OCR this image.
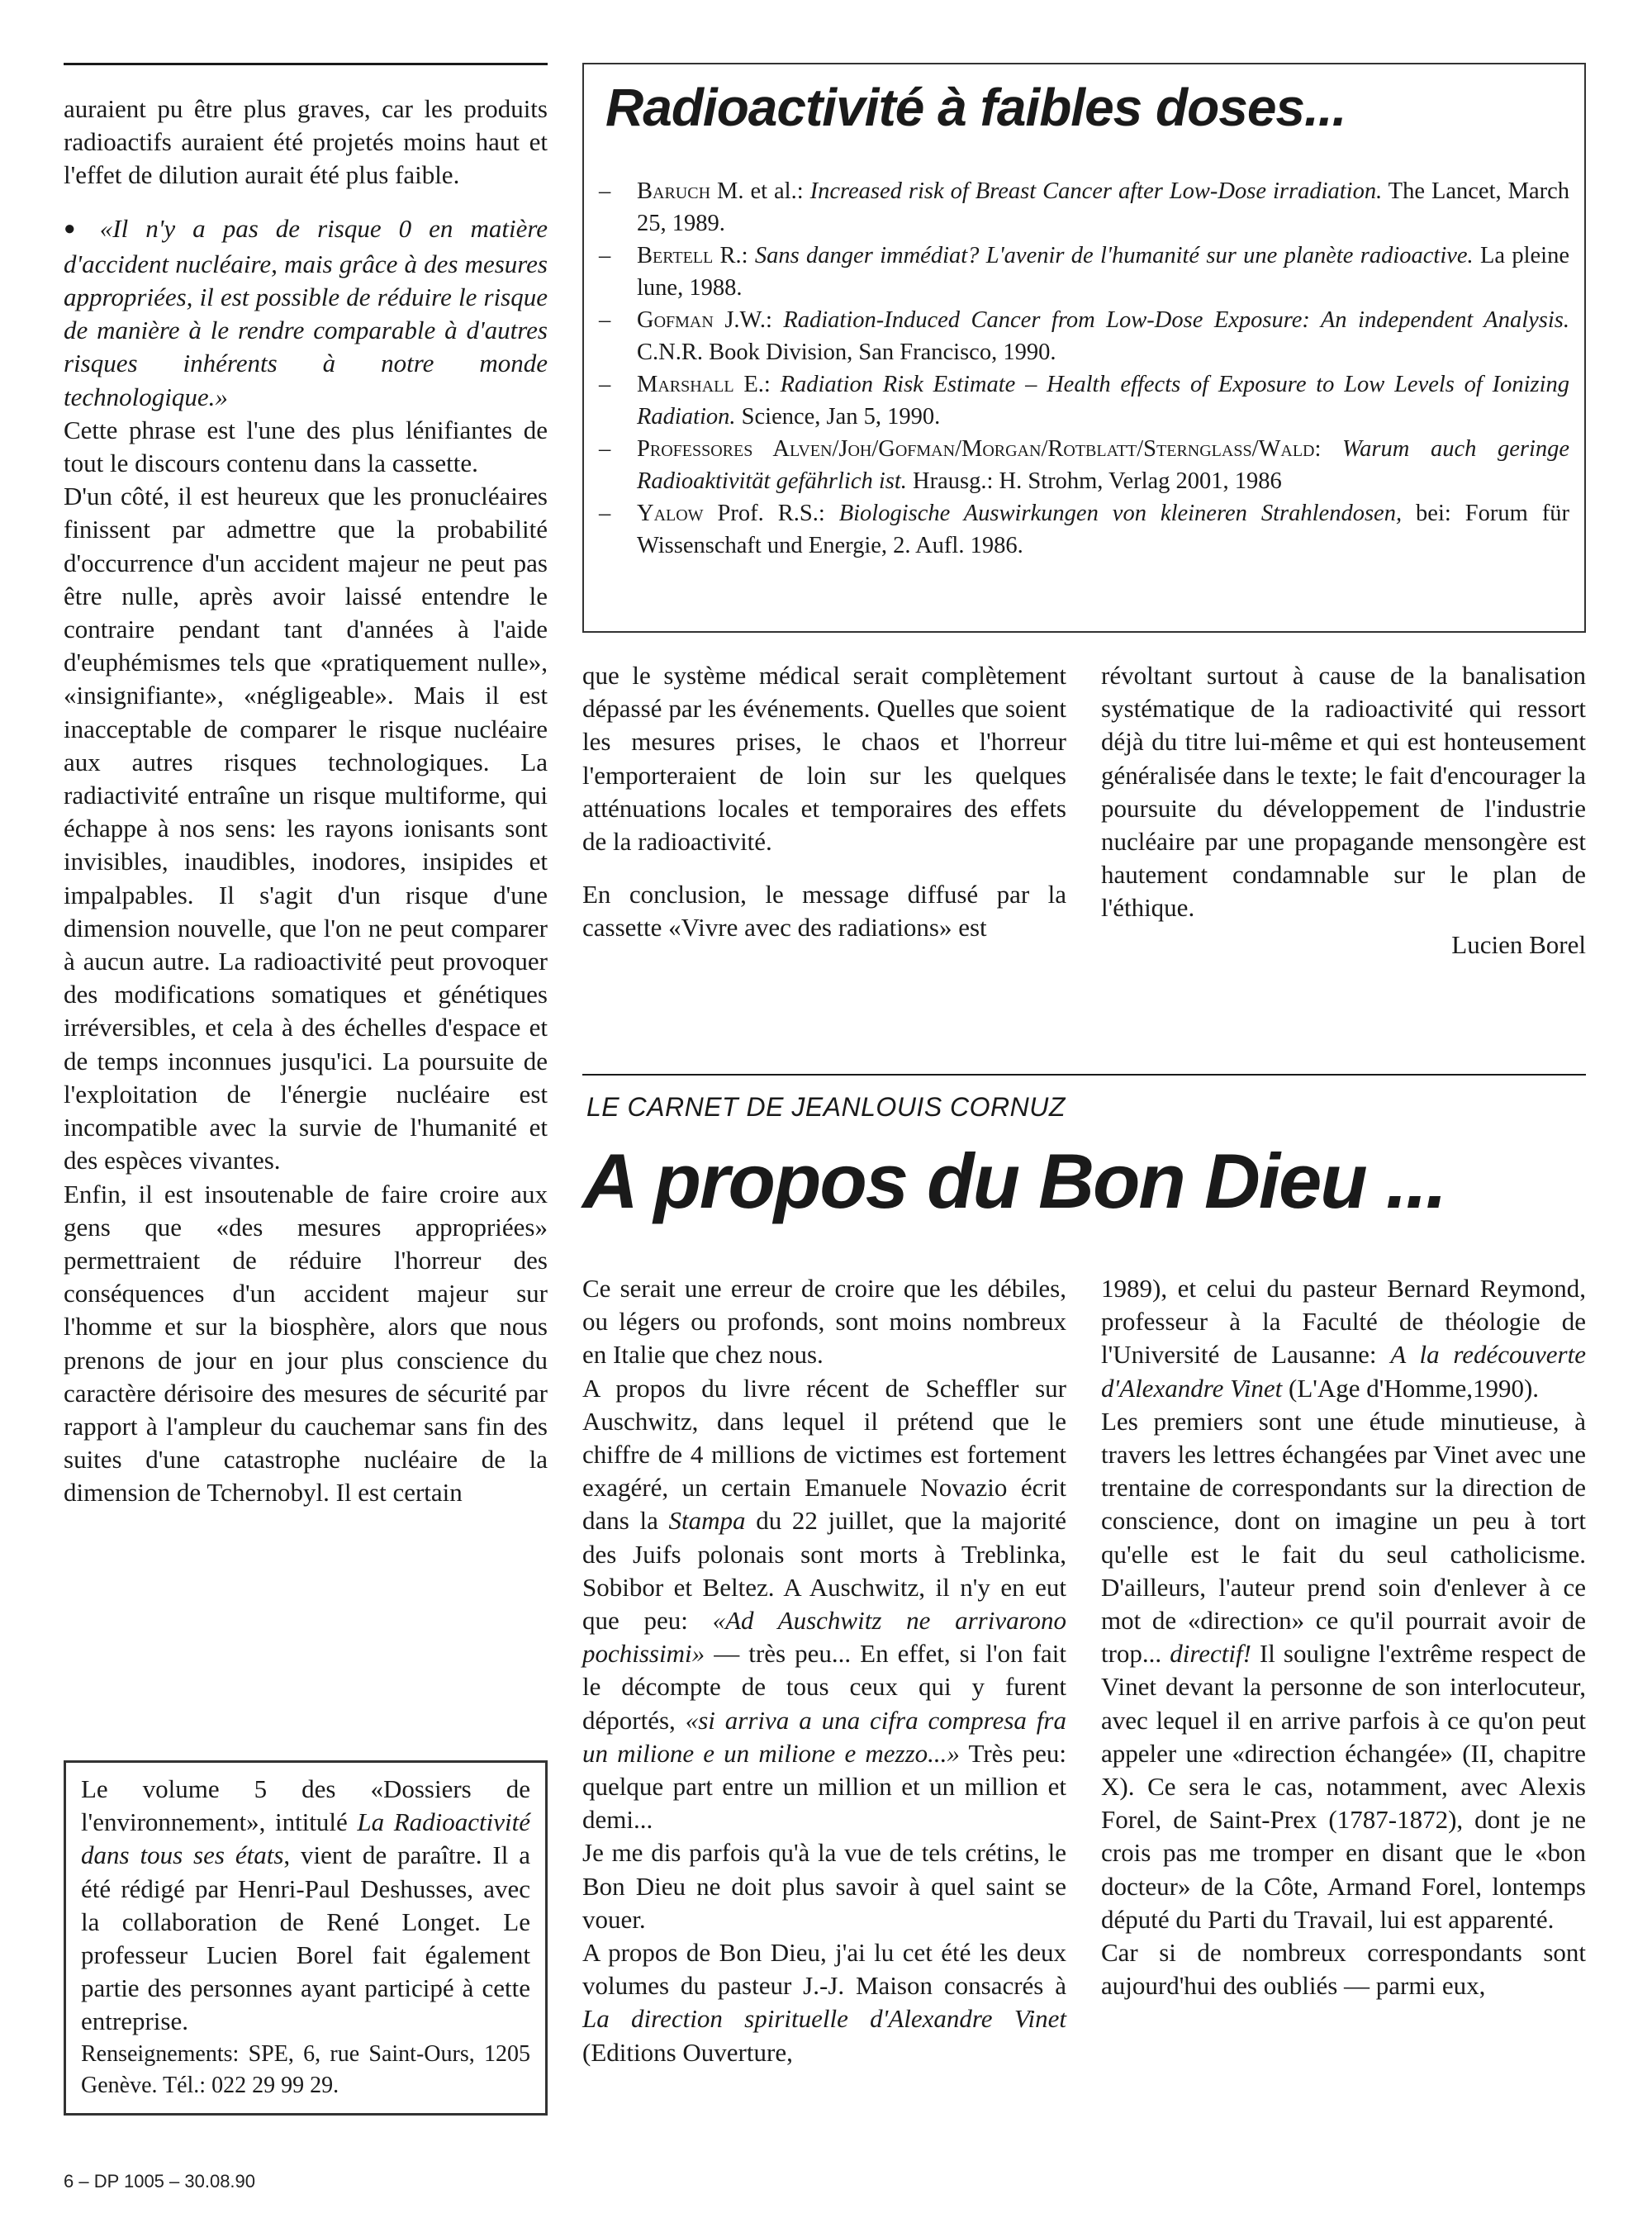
auraient pu être plus graves, car les produits radioactifs auraient été projetés moins haut et l'effet de dilution aurait été plus faible.

● «Il n'y a pas de risque 0 en matière d'accident nucléaire, mais grâce à des mesures appropriées, il est possible de réduire le risque de manière à le rendre comparable à d'autres risques inhérents à notre monde technologique.»

Cette phrase est l'une des plus lénifiantes de tout le discours contenu dans la cassette.

D'un côté, il est heureux que les pronucléaires finissent par admettre que la probabilité d'occurrence d'un accident majeur ne peut pas être nulle, après avoir laissé entendre le contraire pendant tant d'années à l'aide d'euphémismes tels que «pratiquement nulle», «insignifiante», «négligeable». Mais il est inacceptable de comparer le risque nucléaire aux autres risques technologiques. La radiactivité entraîne un risque multiforme, qui échappe à nos sens: les rayons ionisants sont invisibles, inaudibles, inodores, insipides et impalpables. Il s'agit d'un risque d'une dimension nouvelle, que l'on ne peut comparer à aucun autre. La radioactivité peut provoquer des modifications somatiques et génétiques irréversibles, et cela à des échelles d'espace et de temps inconnues jusqu'ici. La poursuite de l'exploitation de l'énergie nucléaire est incompatible avec la survie de l'humanité et des espèces vivantes.

Enfin, il est insoutenable de faire croire aux gens que «des mesures appropriées» permettraient de réduire l'horreur des conséquences d'un accident majeur sur l'homme et sur la biosphère, alors que nous prenons de jour en jour plus conscience du caractère dérisoire des mesures de sécurité par rapport à l'ampleur du cauchemar sans fin des suites d'une catastrophe nucléaire de la dimension de Tchernobyl. Il est certain

Le volume 5 des «Dossiers de l'environnement», intitulé La Radioactivité dans tous ses états, vient de paraître. Il a été rédigé par Henri-Paul Deshusses, avec la collaboration de René Longet. Le professeur Lucien Borel fait également partie des personnes ayant participé à cette entreprise.

Renseignements: SPE, 6, rue Saint-Ours, 1205 Genève. Tél.: 022 29 99 29.

6 – DP 1005 – 30.08.90
Radioactivité à faibles doses...
– Baruch M. et al.: Increased risk of Breast Cancer after Low-Dose irradiation. The Lancet, March 25, 1989.
– Bertell R.: Sans danger immédiat? L'avenir de l'humanité sur une planète radioactive. La pleine lune, 1988.
– Gofman J.W.: Radiation-Induced Cancer from Low-Dose Exposure: An independent Analysis. C.N.R. Book Division, San Francisco, 1990.
– Marshall E.: Radiation Risk Estimate – Health effects of Exposure to Low Levels of Ionizing Radiation. Science, Jan 5, 1990.
– Professores Alven/Joh/Gofman/Morgan/Rotblatt/Sternglass/Wald: Warum auch geringe Radioaktivität gefährlich ist. Hrausg.: H. Strohm, Verlag 2001, 1986
– Yalow Prof. R.S.: Biologische Auswirkungen von kleineren Strahlendosen, bei: Forum für Wissenschaft und Energie, 2. Aufl. 1986.

que le système médical serait complètement dépassé par les événements. Quelles que soient les mesures prises, le chaos et l'horreur l'emporteraient de loin sur les quelques atténuations locales et temporaires des effets de la radioactivité.

En conclusion, le message diffusé par la cassette «Vivre avec des radiations» est

révoltant surtout à cause de la banalisation systématique de la radioactivité qui ressort déjà du titre lui-même et qui est honteusement généralisée dans le texte; le fait d'encourager la poursuite du développement de l'industrie nucléaire par une propagande mensongère est hautement condamnable sur le plan de l'éthique.

Lucien Borel

LE CARNET DE JEANLOUIS CORNUZ
A propos du Bon Dieu ...

Ce serait une erreur de croire que les débiles, ou légers ou profonds, sont moins nombreux en Italie que chez nous.

A propos du livre récent de Scheffler sur Auschwitz, dans lequel il prétend que le chiffre de 4 millions de victimes est fortement exagéré, un certain Emanuele Novazio écrit dans la Stampa du 22 juillet, que la majorité des Juifs polonais sont morts à Treblinka, Sobibor et Beltez. A Auschwitz, il n'y en eut que peu: «Ad Auschwitz ne arrivarono pochissimi» — très peu... En effet, si l'on fait le décompte de tous ceux qui y furent déportés, «si arriva a una cifra compresa fra un milione e un milione e mezzo...» Très peu: quelque part entre un million et un million et demi...

Je me dis parfois qu'à la vue de tels crétins, le Bon Dieu ne doit plus savoir à quel saint se vouer.

A propos de Bon Dieu, j'ai lu cet été les deux volumes du pasteur J.-J. Maison consacrés à La direction spirituelle d'Alexandre Vinet (Editions Ouverture,

1989), et celui du pasteur Bernard Reymond, professeur à la Faculté de théologie de l'Université de Lausanne: A la redécouverte d'Alexandre Vinet (L'Age d'Homme,1990).

Les premiers sont une étude minutieuse, à travers les lettres échangées par Vinet avec une trentaine de correspondants sur la direction de conscience, dont on imagine un peu à tort qu'elle est le fait du seul catholicisme. D'ailleurs, l'auteur prend soin d'enlever à ce mot de «direction» ce qu'il pourrait avoir de trop... directif! Il souligne l'extrême respect de Vinet devant la personne de son interlocuteur, avec lequel il en arrive parfois à ce qu'on peut appeler une «direction échangée» (II, chapitre X). Ce sera le cas, notamment, avec Alexis Forel, de Saint-Prex (1787-1872), dont je ne crois pas me tromper en disant que le «bon docteur» de la Côte, Armand Forel, lontemps député du Parti du Travail, lui est apparenté.

Car si de nombreux correspondants sont aujourd'hui des oubliés — parmi eux,
